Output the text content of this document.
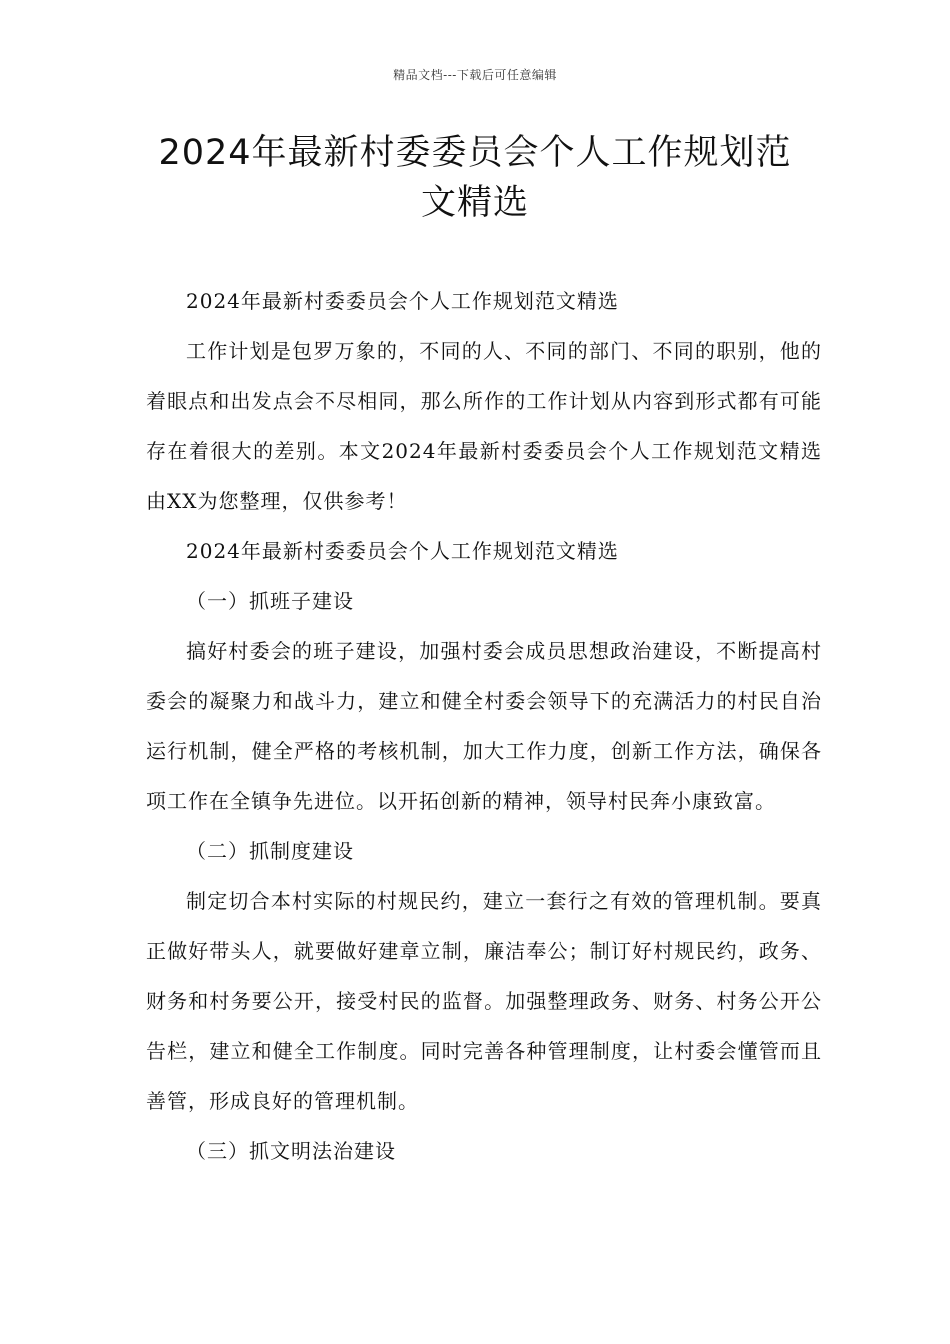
精品文档---下载后可任意编辑
2024年最新村委委员会个人工作规划范
文精选

2024年最新村委委员会个人工作规划范文精选

工作计划是包罗万象的，不同的人、不同的部门、不同的职别，他的着眼点和出发点会不尽相同，那么所作的工作计划从内容到形式都有可能存在着很大的差别。本文2024年最新村委委员会个人工作规划范文精选由XX为您整理，仅供参考！

2024年最新村委委员会个人工作规划范文精选

（一）抓班子建设

搞好村委会的班子建设，加强村委会成员思想政治建设，不断提高村委会的凝聚力和战斗力，建立和健全村委会领导下的充满活力的村民自治运行机制，健全严格的考核机制，加大工作力度，创新工作方法，确保各项工作在全镇争先进位。以开拓创新的精神，领导村民奔小康致富。

（二）抓制度建设

制定切合本村实际的村规民约，建立一套行之有效的管理机制。要真正做好带头人，就要做好建章立制，廉洁奉公；制订好村规民约，政务、财务和村务要公开，接受村民的监督。加强整理政务、财务、村务公开公告栏，建立和健全工作制度。同时完善各种管理制度，让村委会懂管而且善管，形成良好的管理机制。

（三）抓文明法治建设
